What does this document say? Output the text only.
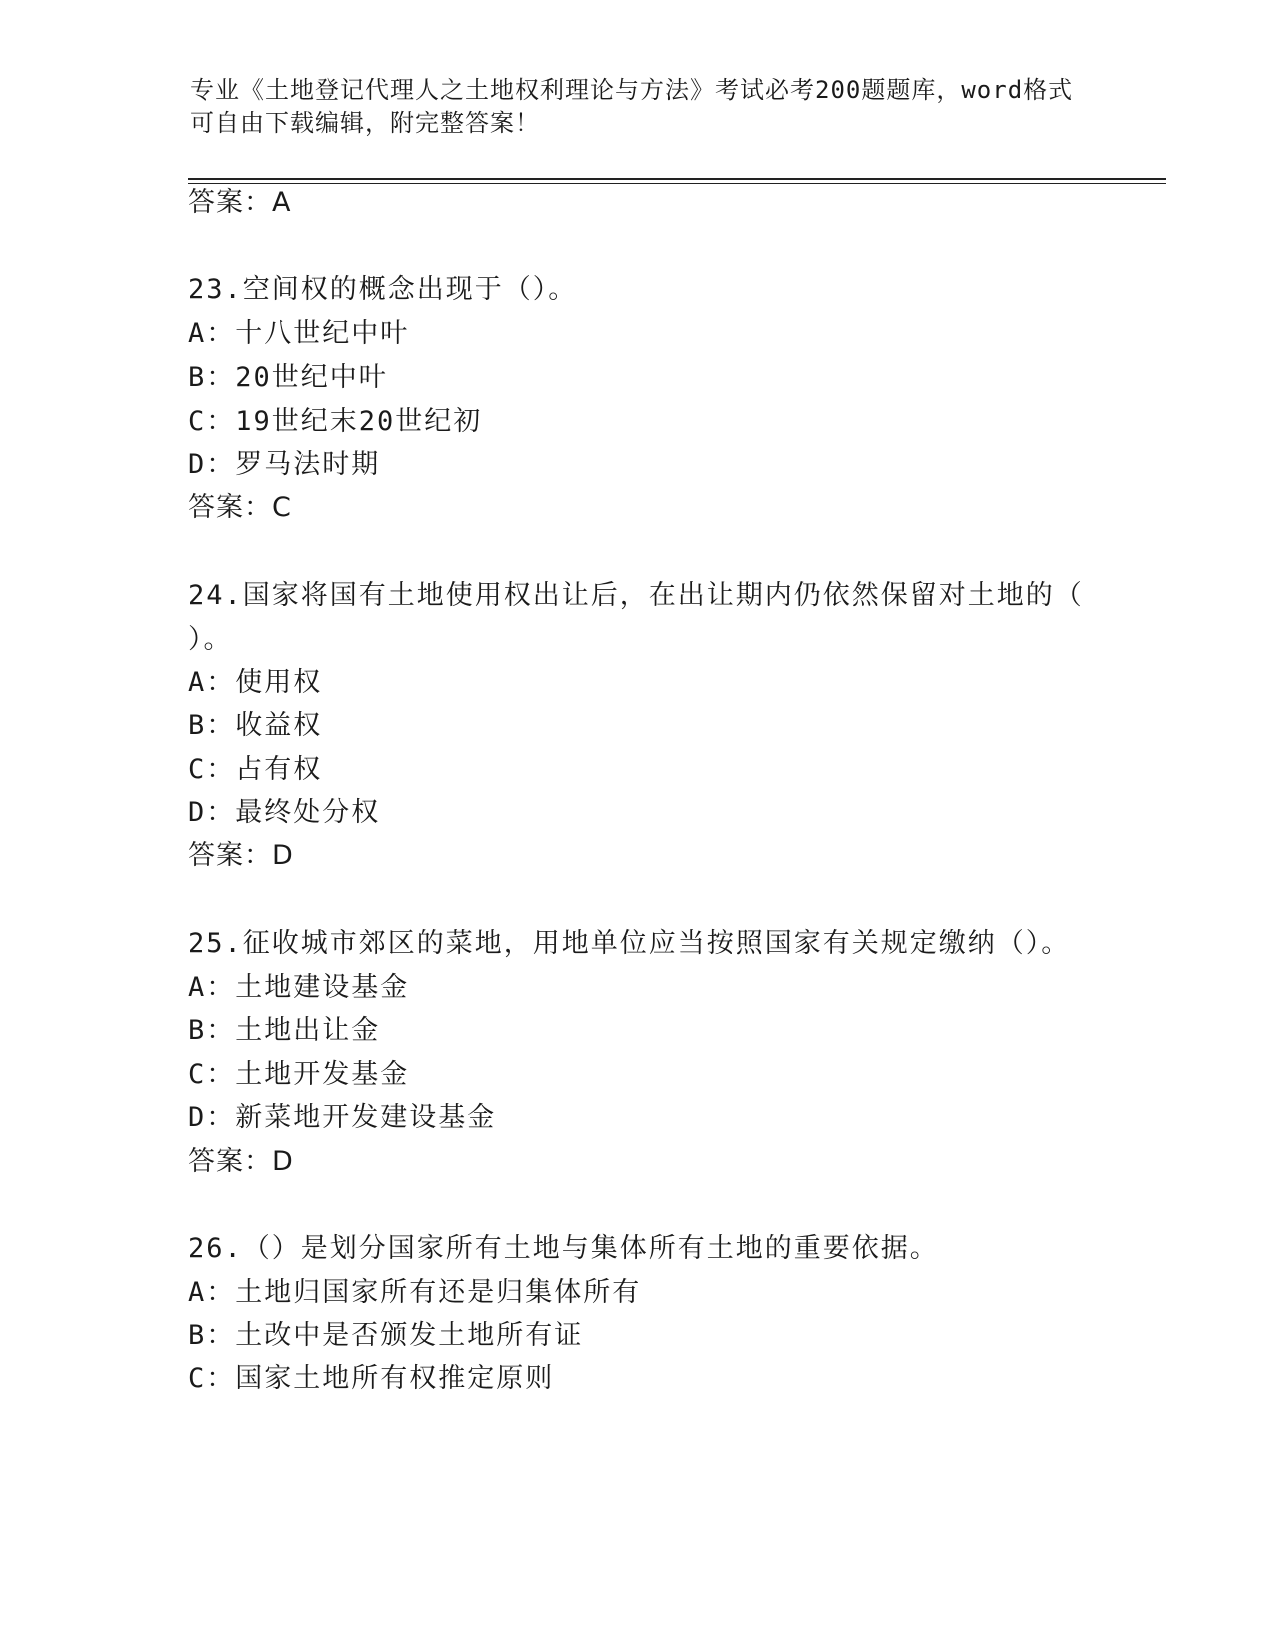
专业《土地登记代理人之土地权利理论与方法》考试必考200题题库，word格式
可自由下载编辑，附完整答案！
答案：A
23.空间权的概念出现于（）。
A：十八世纪中叶
B：20世纪中叶
C：19世纪末20世纪初
D：罗马法时期
答案：C
24.国家将国有土地使用权出让后，在出让期内仍依然保留对土地的（
）。
A：使用权
B：收益权
C：占有权
D：最终处分权
答案：D
25.征收城市郊区的菜地，用地单位应当按照国家有关规定缴纳（）。
A：土地建设基金
B：土地出让金
C：土地开发基金
D：新菜地开发建设基金
答案：D
26.（）是划分国家所有土地与集体所有土地的重要依据。
A：土地归国家所有还是归集体所有
B：土改中是否颁发土地所有证
C：国家土地所有权推定原则
